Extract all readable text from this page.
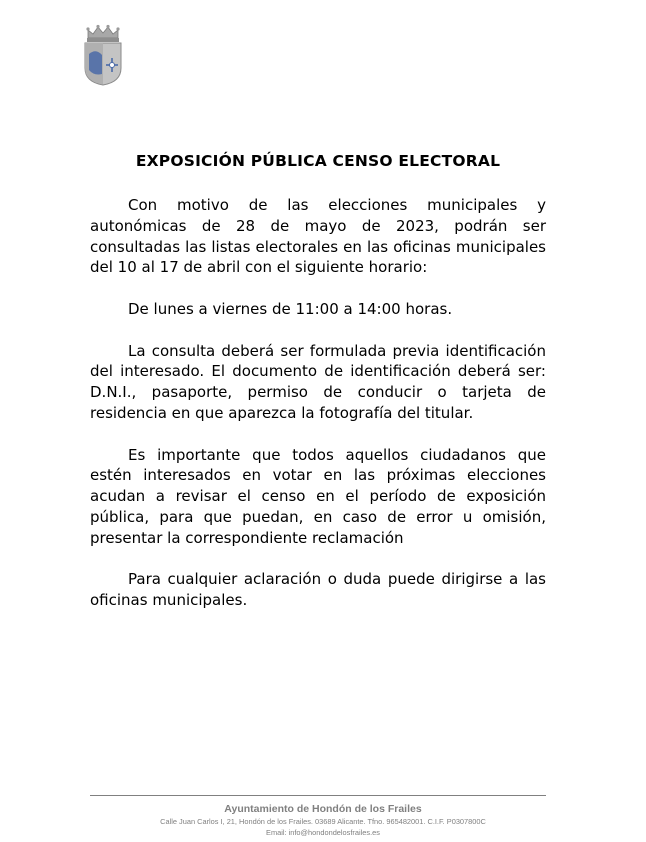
EXPOSICIÓN PÚBLICA CENSO ELECTORAL

Con motivo de las elecciones municipales y autonómicas de 28 de mayo de 2023, podrán ser consultadas las listas electorales en las oficinas municipales del 10 al 17 de abril con el siguiente horario:

De lunes a viernes de 11:00 a 14:00 horas.

La consulta deberá ser formulada previa identificación del interesado. El documento de identificación deberá ser: D.N.I., pasaporte, permiso de conducir o tarjeta de residencia en que aparezca la fotografía del titular.

Es importante que todos aquellos ciudadanos que estén interesados en votar en las próximas elecciones acudan a revisar el censo en el período de exposición pública, para que puedan, en caso de error u omisión, presentar la correspondiente reclamación

Para cualquier aclaración o duda puede dirigirse a las oficinas municipales.

Ayuntamiento de Hondón de los Frailes
Calle Juan Carlos I, 21, Hondón de los Frailes. 03689 Alicante. Tfno. 965482001. C.I.F. P0307800C
Email: info@hondondelosfrailes.es
